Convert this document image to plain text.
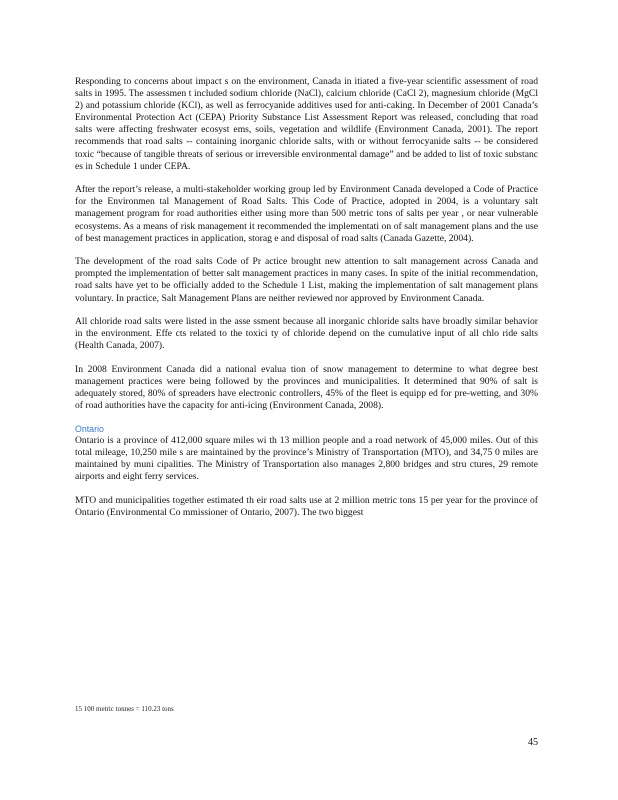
Responding to concerns about impact s on the environment, Canada in itiated a five-year scientific assessment of road salts in 1995. The assessmen t included sodium chloride (NaCl), calcium chloride (CaCl 2), magnesium chloride (MgCl 2) and potassium chloride (KCl), as well as ferrocyanide additives used for anti-caking. In December of 2001 Canada’s Environmental Protection Act (CEPA) Priority Substance List Assessment Report was released, concluding that road salts were affecting freshwater ecosyst ems, soils, vegetation and wildlife (Environment Canada, 2001). The report recommends that road salts -- containing inorganic chloride salts, with or without ferrocyanide salts -- be considered toxic “because of tangible threats of serious or irreversible environmental damage” and be added to list of toxic substanc es in Schedule 1 under CEPA.

After the report’s release, a multi-stakeholder working group led by Environment Canada developed a Code of Practice for the Environmen tal Management of Road Salts. This Code of Practice, adopted in 2004, is a voluntary salt management program for road authorities either using more than 500 metric tons of salts per year , or near vulnerable ecosystems. As a means of risk management it recommended the implementati on of salt management plans and the use of best management practices in application, storag e and disposal of road salts (Canada Gazette, 2004).

The development of the road salts Code of Pr actice brought new attention to salt management across Canada and prompted the implementation of better salt management practices in many cases. In spite of the initial recommendation, road salts have yet to be officially added to the Schedule 1 List, making the implementation of salt management plans voluntary. In practice, Salt Management Plans are neither reviewed nor approved by Environment Canada.

All chloride road salts were listed in the asse ssment because all inorganic chloride salts have broadly similar behavior in the environment. Effe cts related to the toxici ty of chloride depend on the cumulative input of all chlo ride salts (Health Canada, 2007).

In 2008 Environment Canada did a national evalua tion of snow management to determine to what degree best management practices were being followed by the provinces and municipalities. It determined that 90% of salt is adequately stored, 80% of spreaders have electronic controllers, 45% of the fleet is equipp ed for pre-wetting, and 30% of road authorities have the capacity for anti-icing (Environment Canada, 2008).

Ontario

Ontario is a province of 412,000 square miles wi th 13 million people and a road network of 45,000 miles. Out of this total mileage, 10,250 mile s are maintained by the province’s Ministry of Transportation (MTO), and 34,75 0 miles are maintained by muni cipalities. The Ministry of Transportation also manages 2,800 bridges and stru ctures, 29 remote airports and eight ferry services.

MTO and municipalities together estimated th eir road salts use at 2 million metric tons 15 per year for the province of Ontario (Environmental Co mmissioner of Ontario, 2007). The two biggest

15 100 metric tonnes = 110.23 tons
45
